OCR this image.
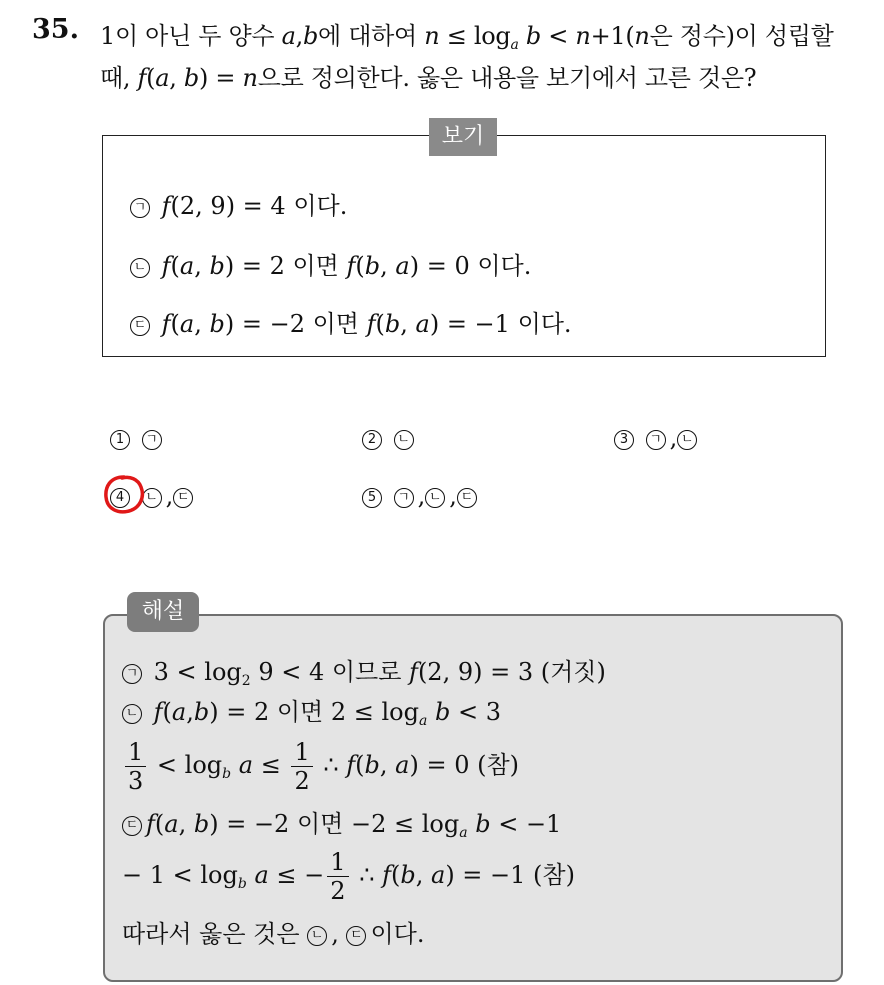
35. 1이 아닌 두 양수 a,b에 대하여 $n \le \log_a b < n+1(n$은 정수)이 성립할
때, f(a, b) = n으로 정의한다. 옳은 내용을 보기에서 고른 것은?
보기
ㄱ f(2, 9) = 4 이다.
ㄴ f(a, b) = 2 이면 f(b, a) = 0 이다.
ㄷ f(a, b) = −2 이면 f(b, a) = −1 이다.
1 ㄱ	2 ㄴ	3 ㄱ , ㄴ
4 ㄴ , ㄷ	5 ㄱ , ㄴ , ㄷ
해설
ㄱ $3 < \log_2 9 < 4$ 이므로 f(2, 9) = 3 (거짓)
ㄴ f(a,b) = 2 이면 $2 \le \log_a b < 3$
$\frac{1}{3} < \log_b a \le \frac{1}{2}$ ∴ f(b, a) = 0 (참)
ㄷ f(a, b) = −2 이면 $-2 \le \log_a b < -1$
− $1 < \log_b a$ ≤ − $\frac{1}{2}$ ∴ f(b, a) = −1 (참)
따라서 옳은 것은 ㄴ , ㄷ 이다.
